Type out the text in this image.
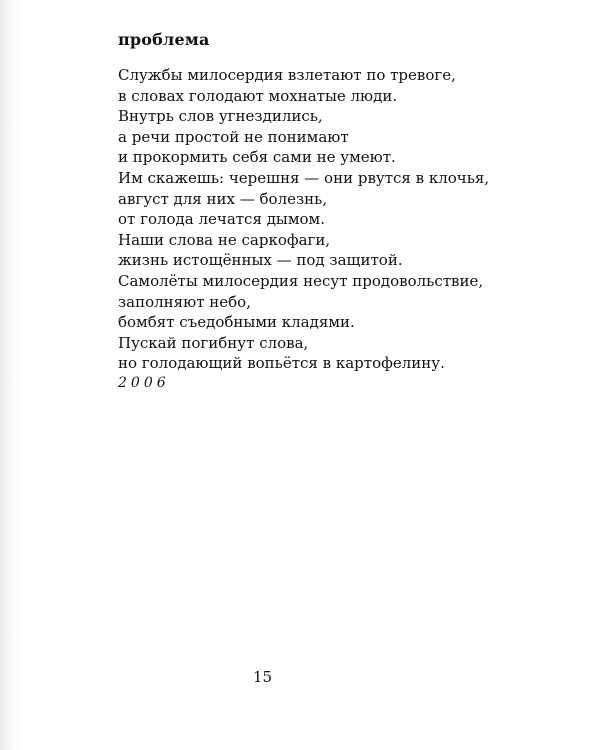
проблема
Службы милосердия взлетают по тревоге,
в словах голодают мохнатые люди.
Внутрь слов угнездились,
а речи простой не понимают
и прокормить себя сами не умеют.
Им скажешь: черешня — они рвутся в клочья,
август для них — болезнь,
от голода лечатся дымом.
Наши слова не саркофаги,
жизнь истощённых — под защитой.
Самолёты милосердия несут продовольствие,
заполняют небо,
бомбят съедобными кладями.
Пускай погибнут слова,
но голодающий вопьётся в картофелину.
2006
15
